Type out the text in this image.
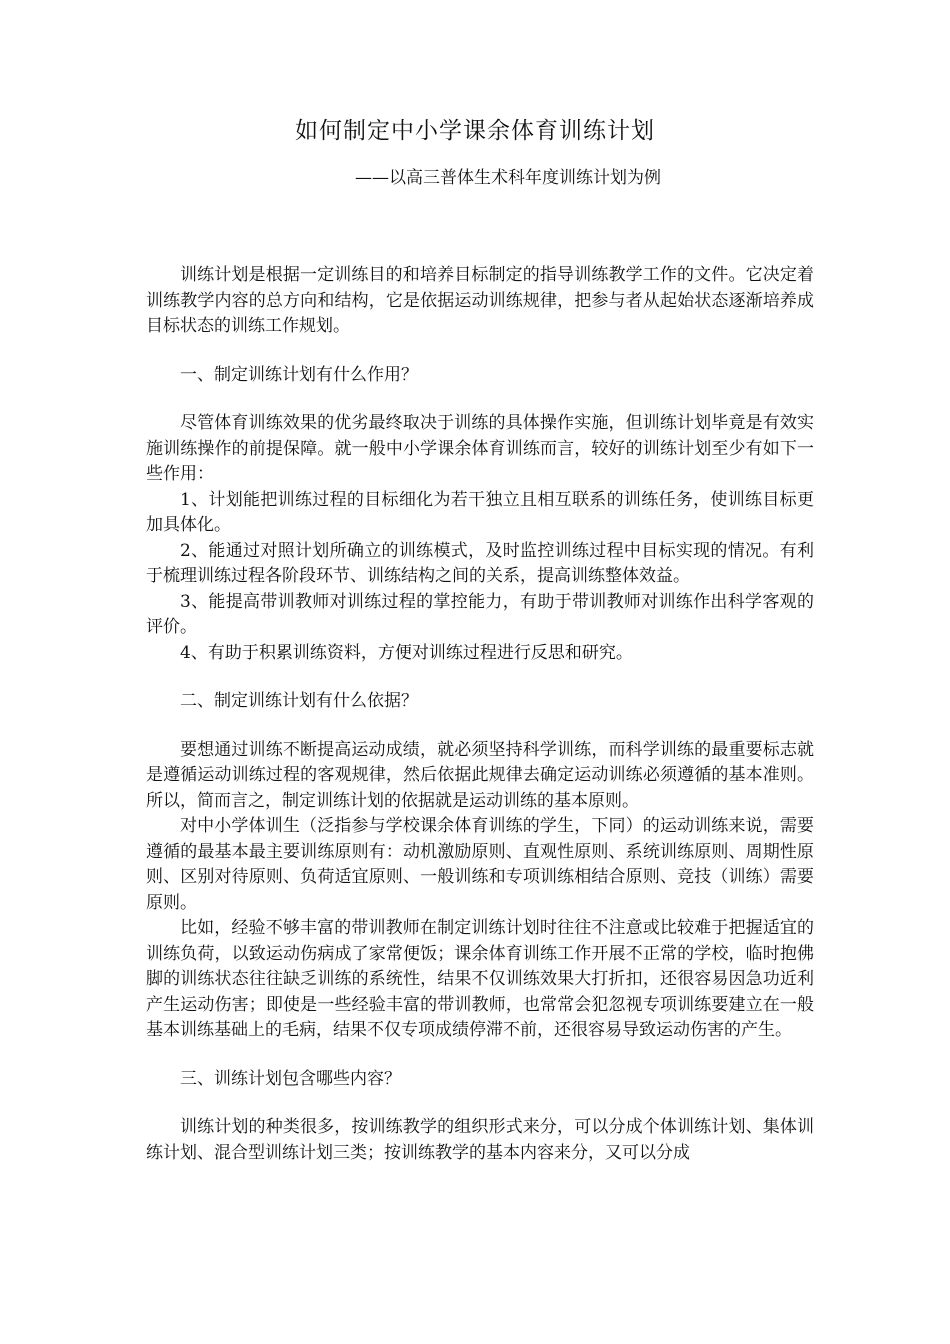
如何制定中小学课余体育训练计划
——以高三普体生术科年度训练计划为例

训练计划是根据一定训练目的和培养目标制定的指导训练教学工作的文件。它决定着训练教学内容的总方向和结构，它是依据运动训练规律，把参与者从起始状态逐渐培养成目标状态的训练工作规划。

一、制定训练计划有什么作用？

尽管体育训练效果的优劣最终取决于训练的具体操作实施，但训练计划毕竟是有效实施训练操作的前提保障。就一般中小学课余体育训练而言，较好的训练计划至少有如下一些作用：

1、计划能把训练过程的目标细化为若干独立且相互联系的训练任务，使训练目标更加具体化。

2、能通过对照计划所确立的训练模式，及时监控训练过程中目标实现的情况。有利于梳理训练过程各阶段环节、训练结构之间的关系，提高训练整体效益。

3、能提高带训教师对训练过程的掌控能力，有助于带训教师对训练作出科学客观的评价。

4、有助于积累训练资料，方便对训练过程进行反思和研究。

二、制定训练计划有什么依据？

要想通过训练不断提高运动成绩，就必须坚持科学训练，而科学训练的最重要标志就是遵循运动训练过程的客观规律，然后依据此规律去确定运动训练必须遵循的基本准则。所以，简而言之，制定训练计划的依据就是运动训练的基本原则。

对中小学体训生（泛指参与学校课余体育训练的学生，下同）的运动训练来说，需要遵循的最基本最主要训练原则有：动机激励原则、直观性原则、系统训练原则、周期性原则、区别对待原则、负荷适宜原则、一般训练和专项训练相结合原则、竞技（训练）需要原则。

比如，经验不够丰富的带训教师在制定训练计划时往往不注意或比较难于把握适宜的训练负荷，以致运动伤病成了家常便饭；课余体育训练工作开展不正常的学校，临时抱佛脚的训练状态往往缺乏训练的系统性，结果不仅训练效果大打折扣，还很容易因急功近利产生运动伤害；即使是一些经验丰富的带训教师，也常常会犯忽视专项训练要建立在一般基本训练基础上的毛病，结果不仅专项成绩停滞不前，还很容易导致运动伤害的产生。

三、训练计划包含哪些内容？

训练计划的种类很多，按训练教学的组织形式来分，可以分成个体训练计划、集体训练计划、混合型训练计划三类；按训练教学的基本内容来分，又可以分成
